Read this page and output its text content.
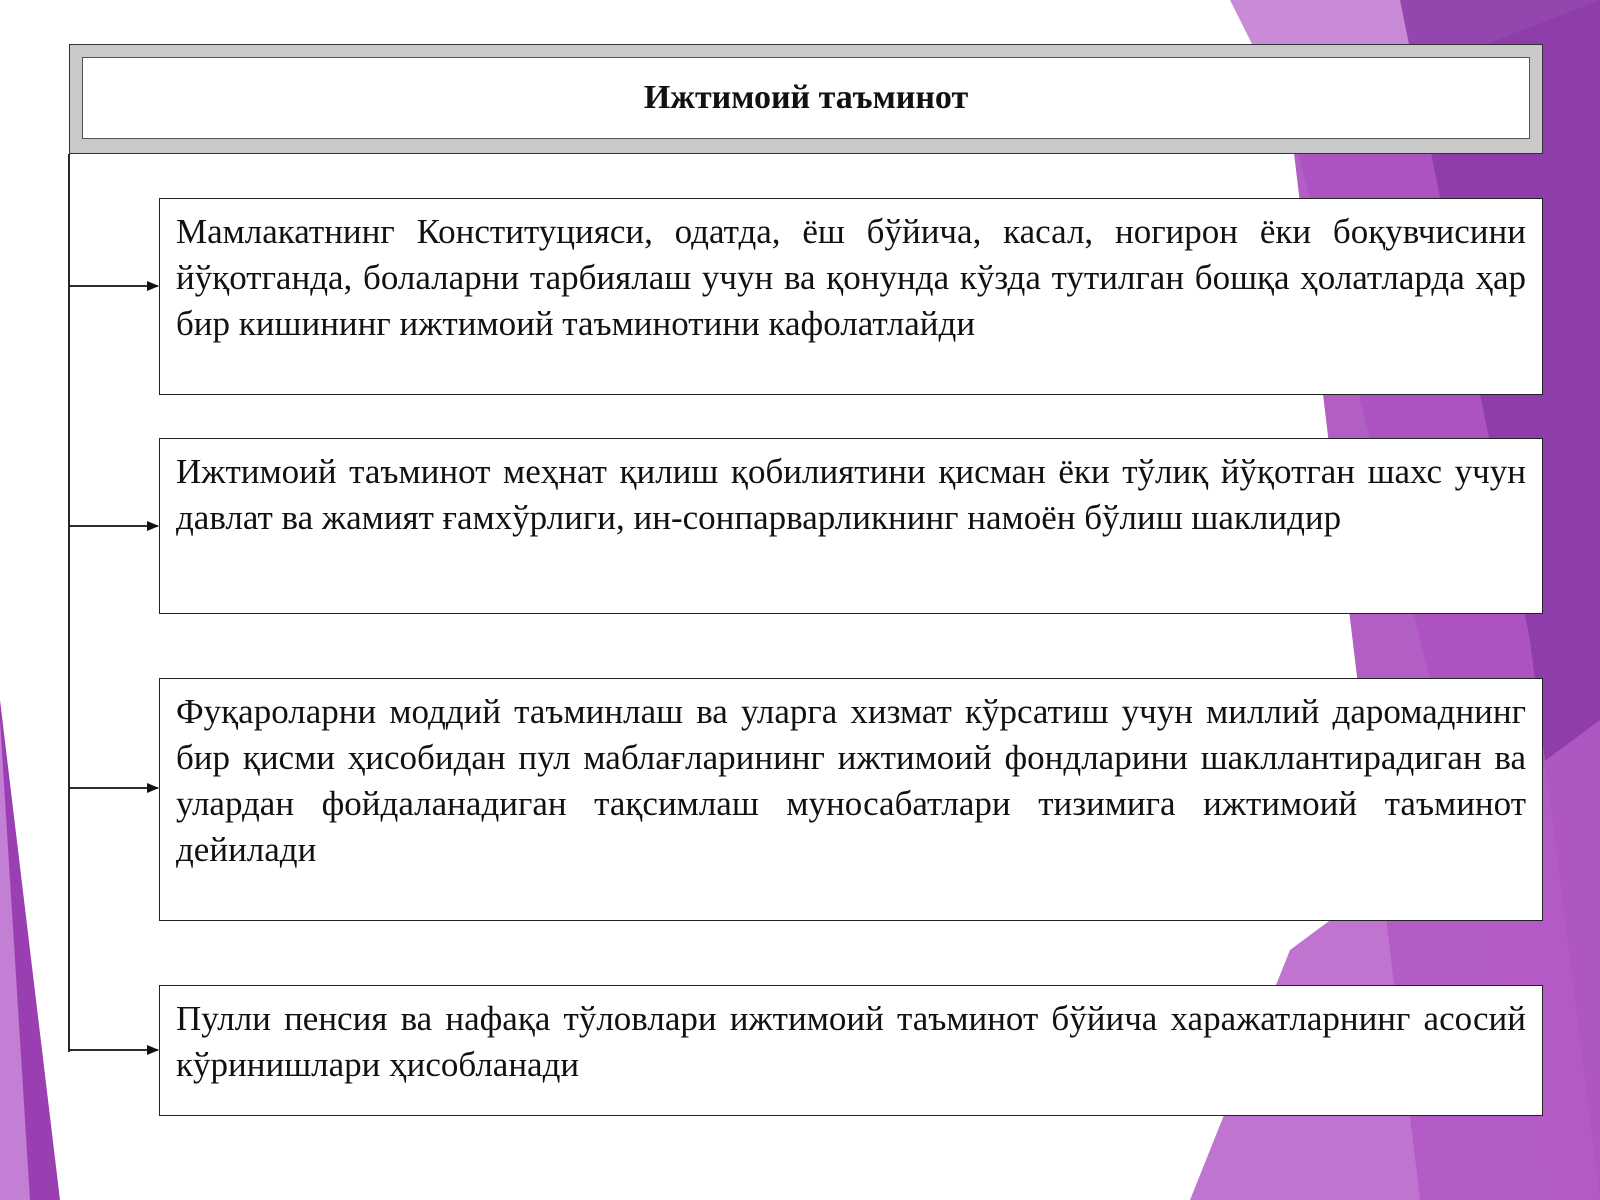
Ижтимоий таъминот

Мамлакатнинг Конституцияси, одатда, ёш бўйича, касал, ногирон ёки боқувчисини йўқотганда, болаларни тарбиялаш учун ва қонунда кўзда тутилган бошқа ҳолатларда ҳар бир кишининг ижтимоий таъминотини кафолатлайди

Ижтимоий таъминот меҳнат қилиш қобилиятини қисман ёки тўлиқ йўқотган шахс учун давлат ва жамият ғамхўрлиги, ин-сонпарварликнинг намоён бўлиш шаклидир

Фуқароларни моддий таъминлаш ва уларга хизмат кўрсатиш учун миллий даромаднинг бир қисми ҳисобидан пул маблағларининг ижтимоий фондларини шакллантирадиган ва улардан фойдаланадиган тақсимлаш муносабатлари тизимига ижтимоий таъминот дейилади

Пулли пенсия ва нафақа тўловлари ижтимоий таъминот бўйича харажатларнинг асосий кўринишлари ҳисобланади
